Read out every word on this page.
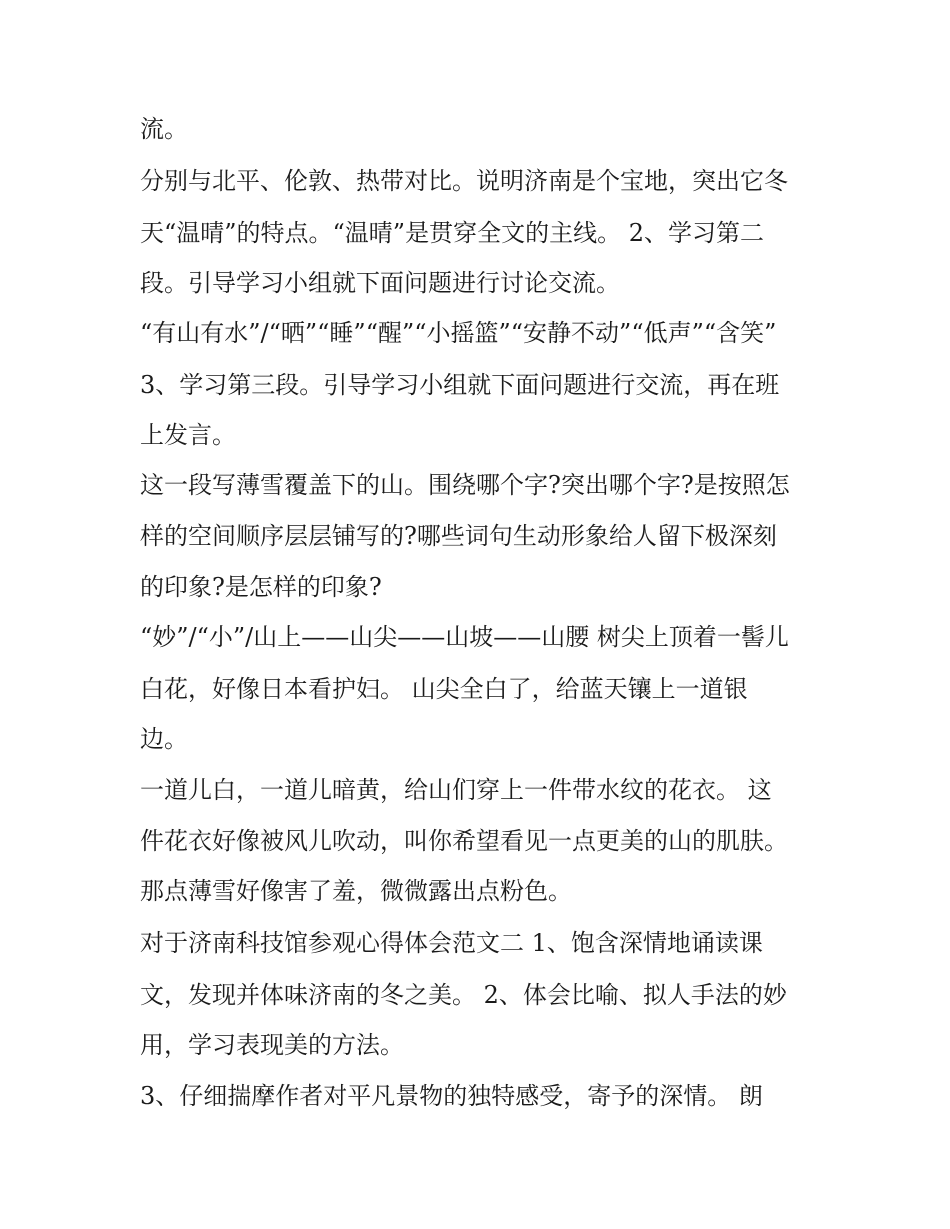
流。

分别与北平、伦敦、热带对比。说明济南是个宝地，突出它冬

天“温晴”的特点。“温晴”是贯穿全文的主线。 2、学习第二

段。引导学习小组就下面问题进行讨论交流。

“有山有水”/“晒”“睡”“醒”“小摇篮”“安静不动”“低声”“含笑”

3、学习第三段。引导学习小组就下面问题进行交流，再在班

上发言。

这一段写薄雪覆盖下的山。围绕哪个字?突出哪个字?是按照怎

样的空间顺序层层铺写的?哪些词句生动形象给人留下极深刻

的印象?是怎样的印象?

“妙”/“小”/山上——山尖——山坡——山腰 树尖上顶着一髻儿

白花，好像日本看护妇。 山尖全白了，给蓝天镶上一道银

边。

一道儿白，一道儿暗黄，给山们穿上一件带水纹的花衣。 这

件花衣好像被风儿吹动，叫你希望看见一点更美的山的肌肤。

那点薄雪好像害了羞，微微露出点粉色。

对于济南科技馆参观心得体会范文二 1、饱含深情地诵读课

文，发现并体味济南的冬之美。 2、体会比喻、拟人手法的妙

用，学习表现美的方法。

3、仔细揣摩作者对平凡景物的独特感受，寄予的深情。 朗
